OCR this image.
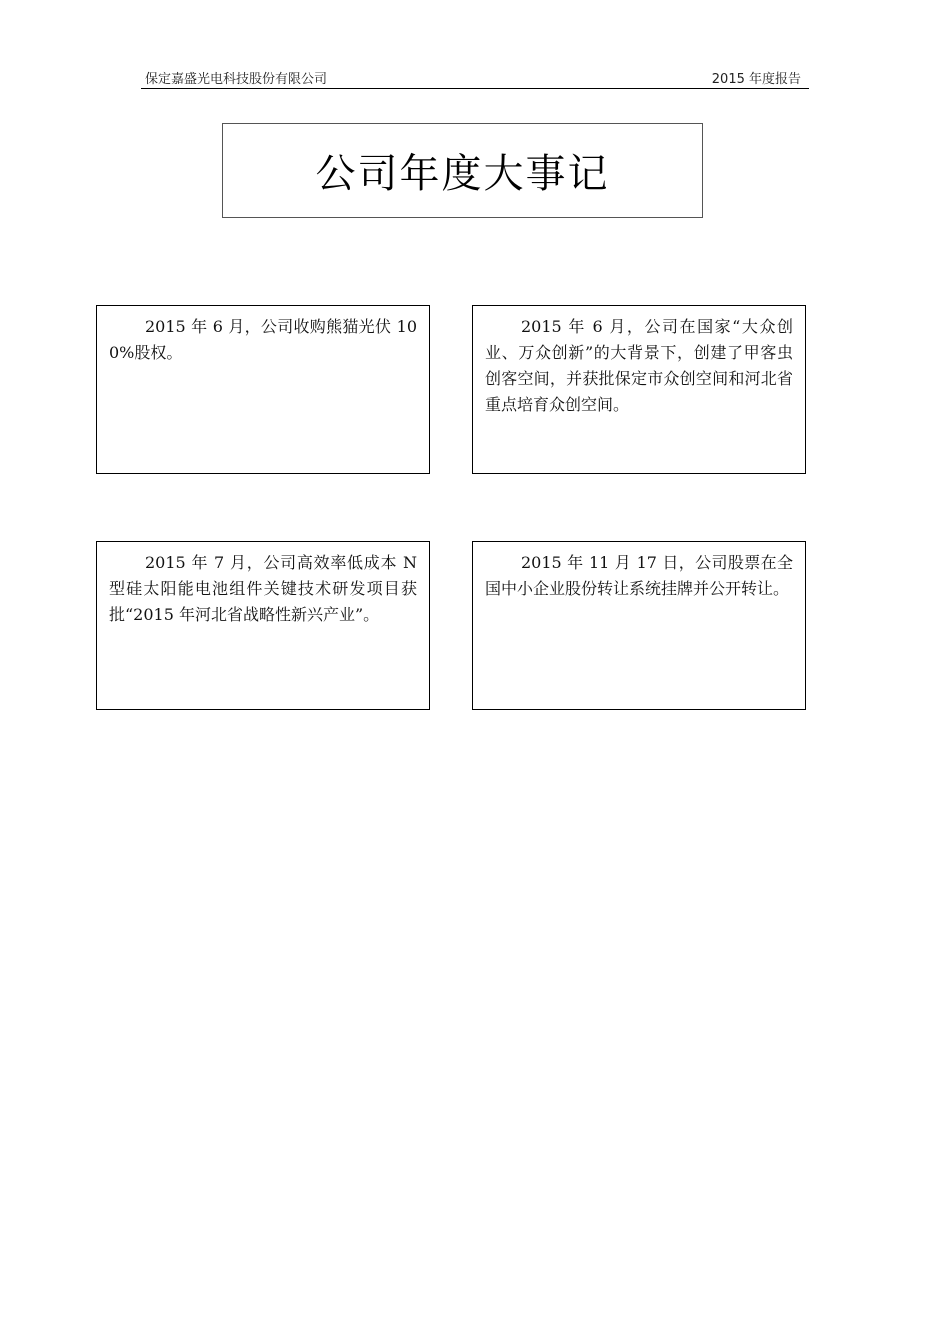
保定嘉盛光电科技股份有限公司	2015 年度报告
公司年度大事记
2015 年 6 月，公司收购熊猫光伏 100%股权。
2015 年 6 月，公司在国家“大众创业、万众创新”的大背景下，创建了甲客虫创客空间，并获批保定市众创空间和河北省重点培育众创空间。
2015 年 7 月，公司高效率低成本 N 型硅太阳能电池组件关键技术研发项目获批“2015 年河北省战略性新兴产业”。
2015 年 11 月 17 日，公司股票在全国中小企业股份转让系统挂牌并公开转让。
